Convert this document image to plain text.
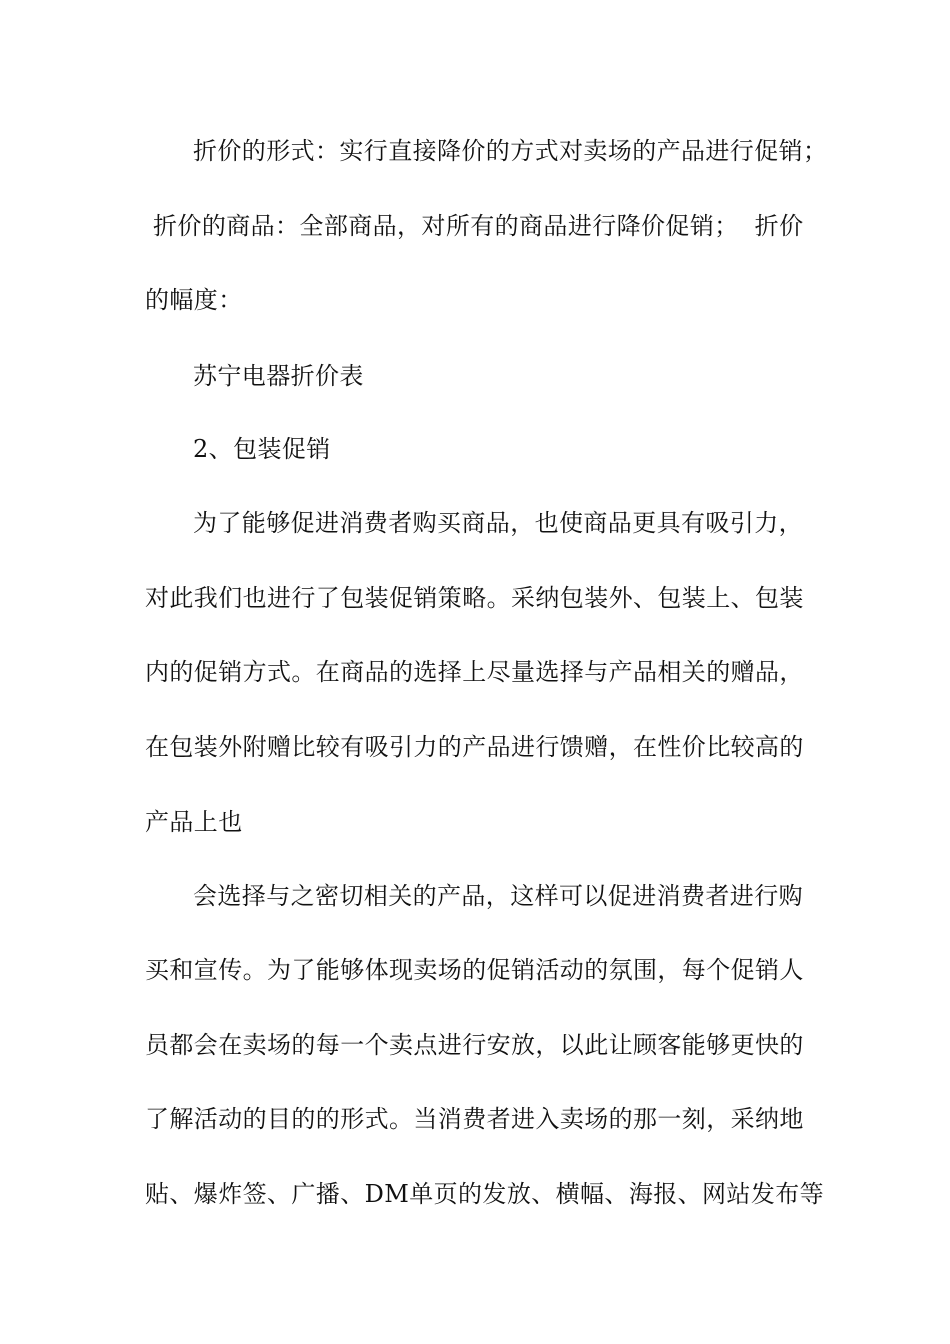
折价的形式：实行直接降价的方式对卖场的产品进行促销；
折价的商品：全部商品，对所有的商品进行降价促销；  折价
的幅度：
苏宁电器折价表
2、包装促销
为了能够促进消费者购买商品，也使商品更具有吸引力，
对此我们也进行了包装促销策略。采纳包装外、包装上、包装
内的促销方式。在商品的选择上尽量选择与产品相关的赠品，
在包装外附赠比较有吸引力的产品进行馈赠，在性价比较高的
产品上也
会选择与之密切相关的产品，这样可以促进消费者进行购
买和宣传。为了能够体现卖场的促销活动的氛围，每个促销人
员都会在卖场的每一个卖点进行安放，以此让顾客能够更快的
了解活动的目的的形式。当消费者进入卖场的那一刻，采纳地
贴、爆炸签、广播、DM单页的发放、横幅、海报、网站发布等
